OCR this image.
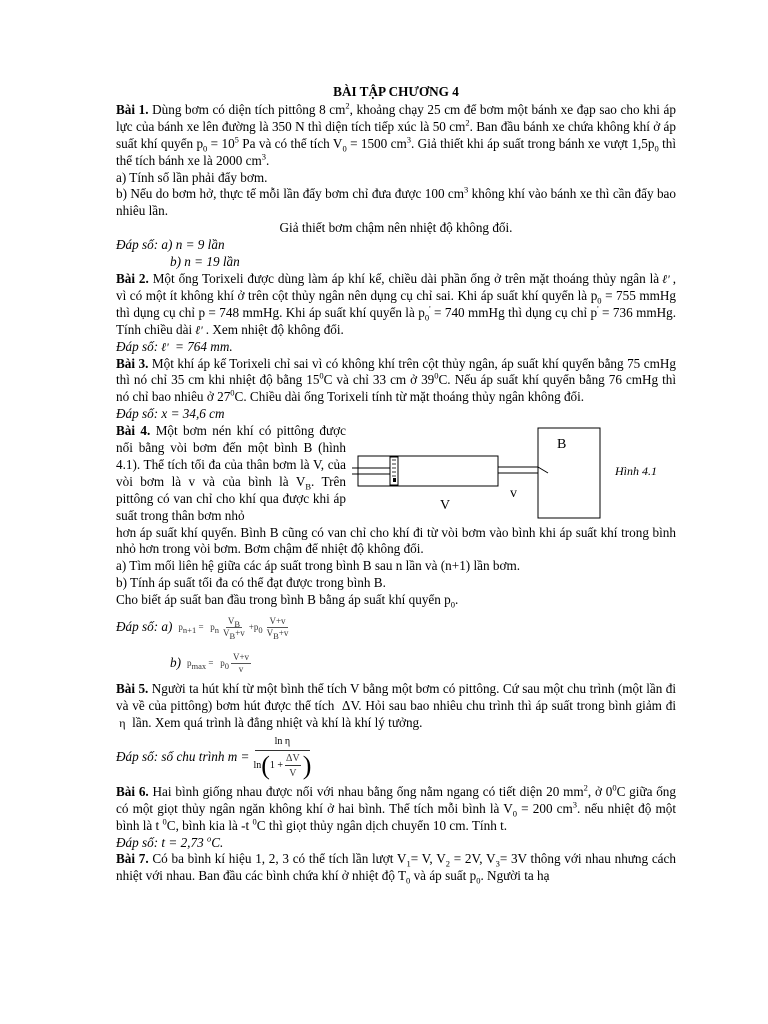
BÀI TẬP CHƯƠNG 4

Bài 1. Dùng bơm có diện tích pittông 8 $cm^2$, khoảng chạy 25 cm để bơm một bánh xe đạp sao cho khi áp lực của bánh xe lên đường là 350 N thì diện tích tiếp xúc là 50 $cm^2$. Ban đầu bánh xe chứa không khí ở áp suất khí quyển $p_0 = 10^5$ Pa và có thể tích $V_0 = 1500$ $cm^3$. Giả thiết khi áp suất trong bánh xe vượt $1,5p_0$ thì thể tích bánh xe là 2000 $cm^3$.

a) Tính số lần phải đẩy bơm.

b) Nếu do bơm hở, thực tế mỗi lần đẩy bơm chỉ đưa được 100 $cm^3$ không khí vào bánh xe thì cần đẩy bao nhiêu lần.

Giả thiết bơm chậm nên nhiệt độ không đổi.

Đáp số: a) n = 9 lần

b) n = 19 lần

Bài 2. Một ống Torixeli được dùng làm áp khí kế, chiều dài phần ống ở trên mặt thoáng thủy ngân là ℓ' , vì có một ít không khí ở trên cột thủy ngân nên dụng cụ chỉ sai. Khi áp suất khí quyển là $p_0 = 755$ mmHg thì dụng cụ chỉ p = 748 mmHg. Khi áp suất khí quyển là $p_0' = 740$ mmHg thì dụng cụ chỉ p' = 736 mmHg. Tính chiều dài ℓ' . Xem nhiệt độ không đổi.

Đáp số: ℓ' = 764 mm.

Bài 3. Một khí áp kế Torixeli chỉ sai vì có không khí trên cột thủy ngân, áp suất khí quyển bằng 75 cmHg thì nó chỉ 35 cm khi nhiệt độ bằng $15^0C$ và chỉ 33 cm ở $39^0C$. Nếu áp suất khí quyển bằng 76 cmHg thì nó chỉ bao nhiêu ở $27^0C$. Chiều dài ống Torixeli tính từ mặt thoáng thủy ngân không đổi.

Đáp số: x = 34,6 cm

Bài 4. Một bơm nén khí có pittông được nối bằng vòi bơm đến một bình B (hình 4.1). Thể tích tối đa của thân bơm là V, của vòi bơm là v và của bình là $V_B$. Trên pittông có van chỉ cho khí qua được khi áp suất trong thân bơm nhỏ

B
V
v
Hình 4.1

hơn áp suất khí quyển. Bình B cũng có van chỉ cho khí đi từ vòi bơm vào bình khi áp suất khí trong bình nhỏ hơn trong vòi bơm. Bơm chậm để nhiệt độ không đổi.

a) Tìm mối liên hệ giữa các áp suất trong bình B sau n lần và (n+1) lần bơm.

b) Tính áp suất tối đa có thể đạt được trong bình B.

Cho biết áp suất ban đầu trong bình B bằng áp suất khí quyển $p_0$.

Đáp số: a) $p_{n+1} = p_n \frac{V_B}{V_B+v} +p_0 \frac{V+v}{V_B+v}$
b) $p_{max} = p_0 \frac{V+v}{v}$

Bài 5. Người ta hút khí từ một bình thể tích V bằng một bơm có pittông. Cứ sau một chu trình (một lần đi và về của pittông) bơm hút được thể tích  ΔV. Hỏi sau bao nhiêu chu trình thì áp suất trong bình giảm đi  η lần. Xem quá trình là đẳng nhiệt và khí là khí lý tưởng.

Đáp số: số chu trình $m = \frac{\text{ln η}}{\ln ( 1 + \frac{\Delta V}{V} )}$

Bài 6. Hai bình giống nhau được nối với nhau bằng ống nằm ngang có tiết diện 20 $mm^2$, ở $0^0C$ giữa ống có một giọt thủy ngân ngăn không khí ở hai bình. Thể tích mỗi bình là $V_0 = 200$ $cm^3$. nếu nhiệt độ một bình là t $^0$C, bình kia là -t $^0$C thì giọt thủy ngân dịch chuyển 10 cm. Tính t.

Đáp số: t = 2,73 $^o$C.

Bài 7. Có ba bình kí hiệu 1, 2, 3 có thể tích lần lượt $V_1= V$, $V_2 = 2V$, $V_3= 3V$ thông với nhau nhưng cách nhiệt với nhau. Ban đầu các bình chứa khí ở nhiệt độ $T_0$ và áp suất $p_0$. Người ta hạ
